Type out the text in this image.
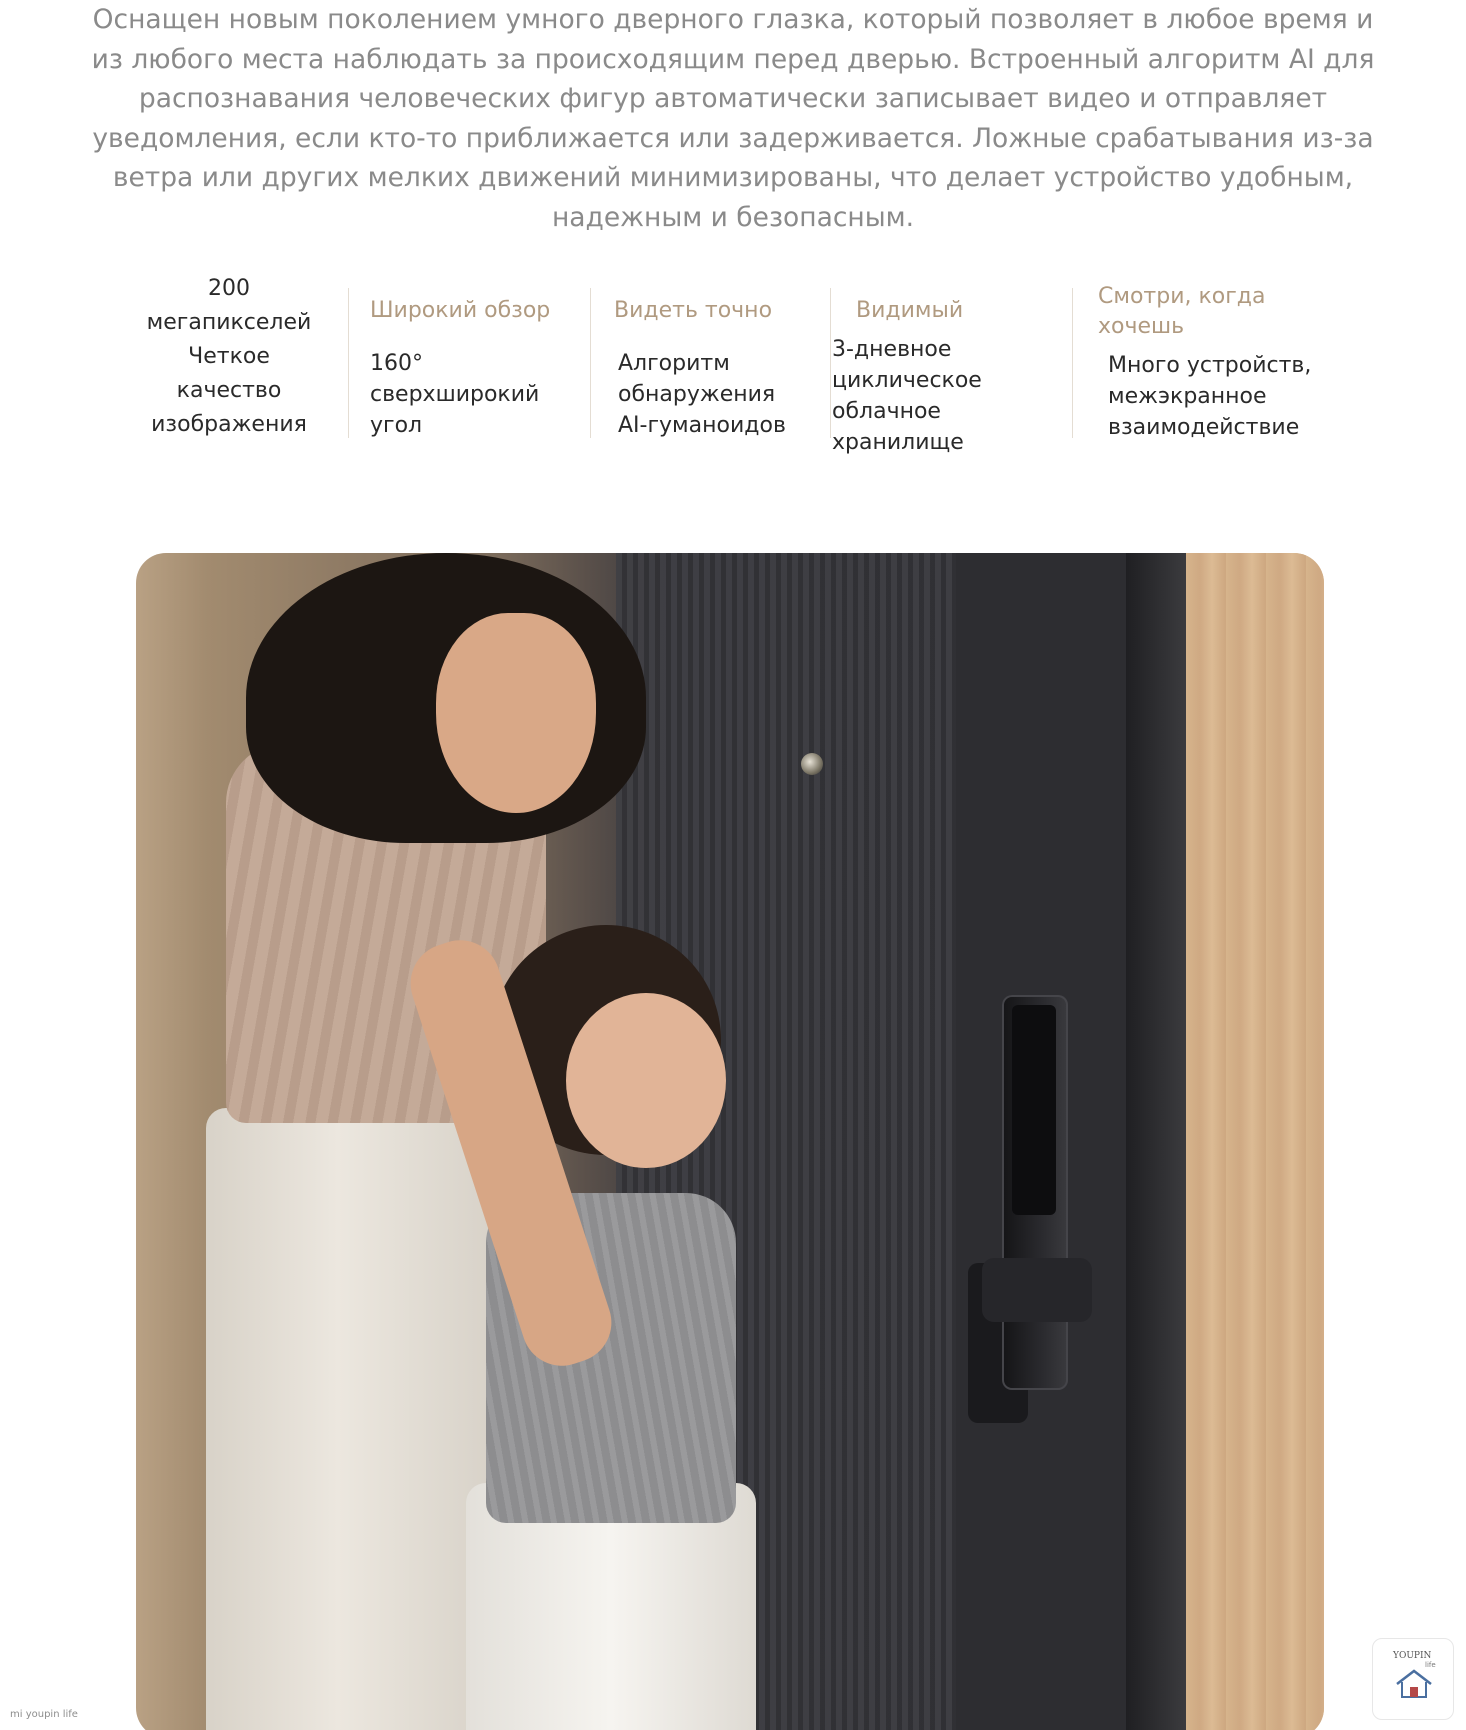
Оснащен новым поколением умного дверного глазка, который позволяет в любое время и
из любого места наблюдать за происходящим перед дверью. Встроенный алгоритм AI для
распознавания человеческих фигур автоматически записывает видео и отправляет
уведомления, если кто-то приближается или задерживается. Ложные срабатывания из-за
ветра или других мелких движений минимизированы, что делает устройство удобным,
надежным и безопасным.
200
мегапикселей
Четкое
качество
изображения
Широкий обзор
160°
сверхширокий
угол
Видеть точно
Алгоритм
обнаружения
AI-гуманоидов
Видимый
3-дневное
циклическое
облачное
хранилище
Смотри, когда
хочешь
Много устройств,
межэкранное
взаимодействие
mi youpin life
YOUPIN
life
